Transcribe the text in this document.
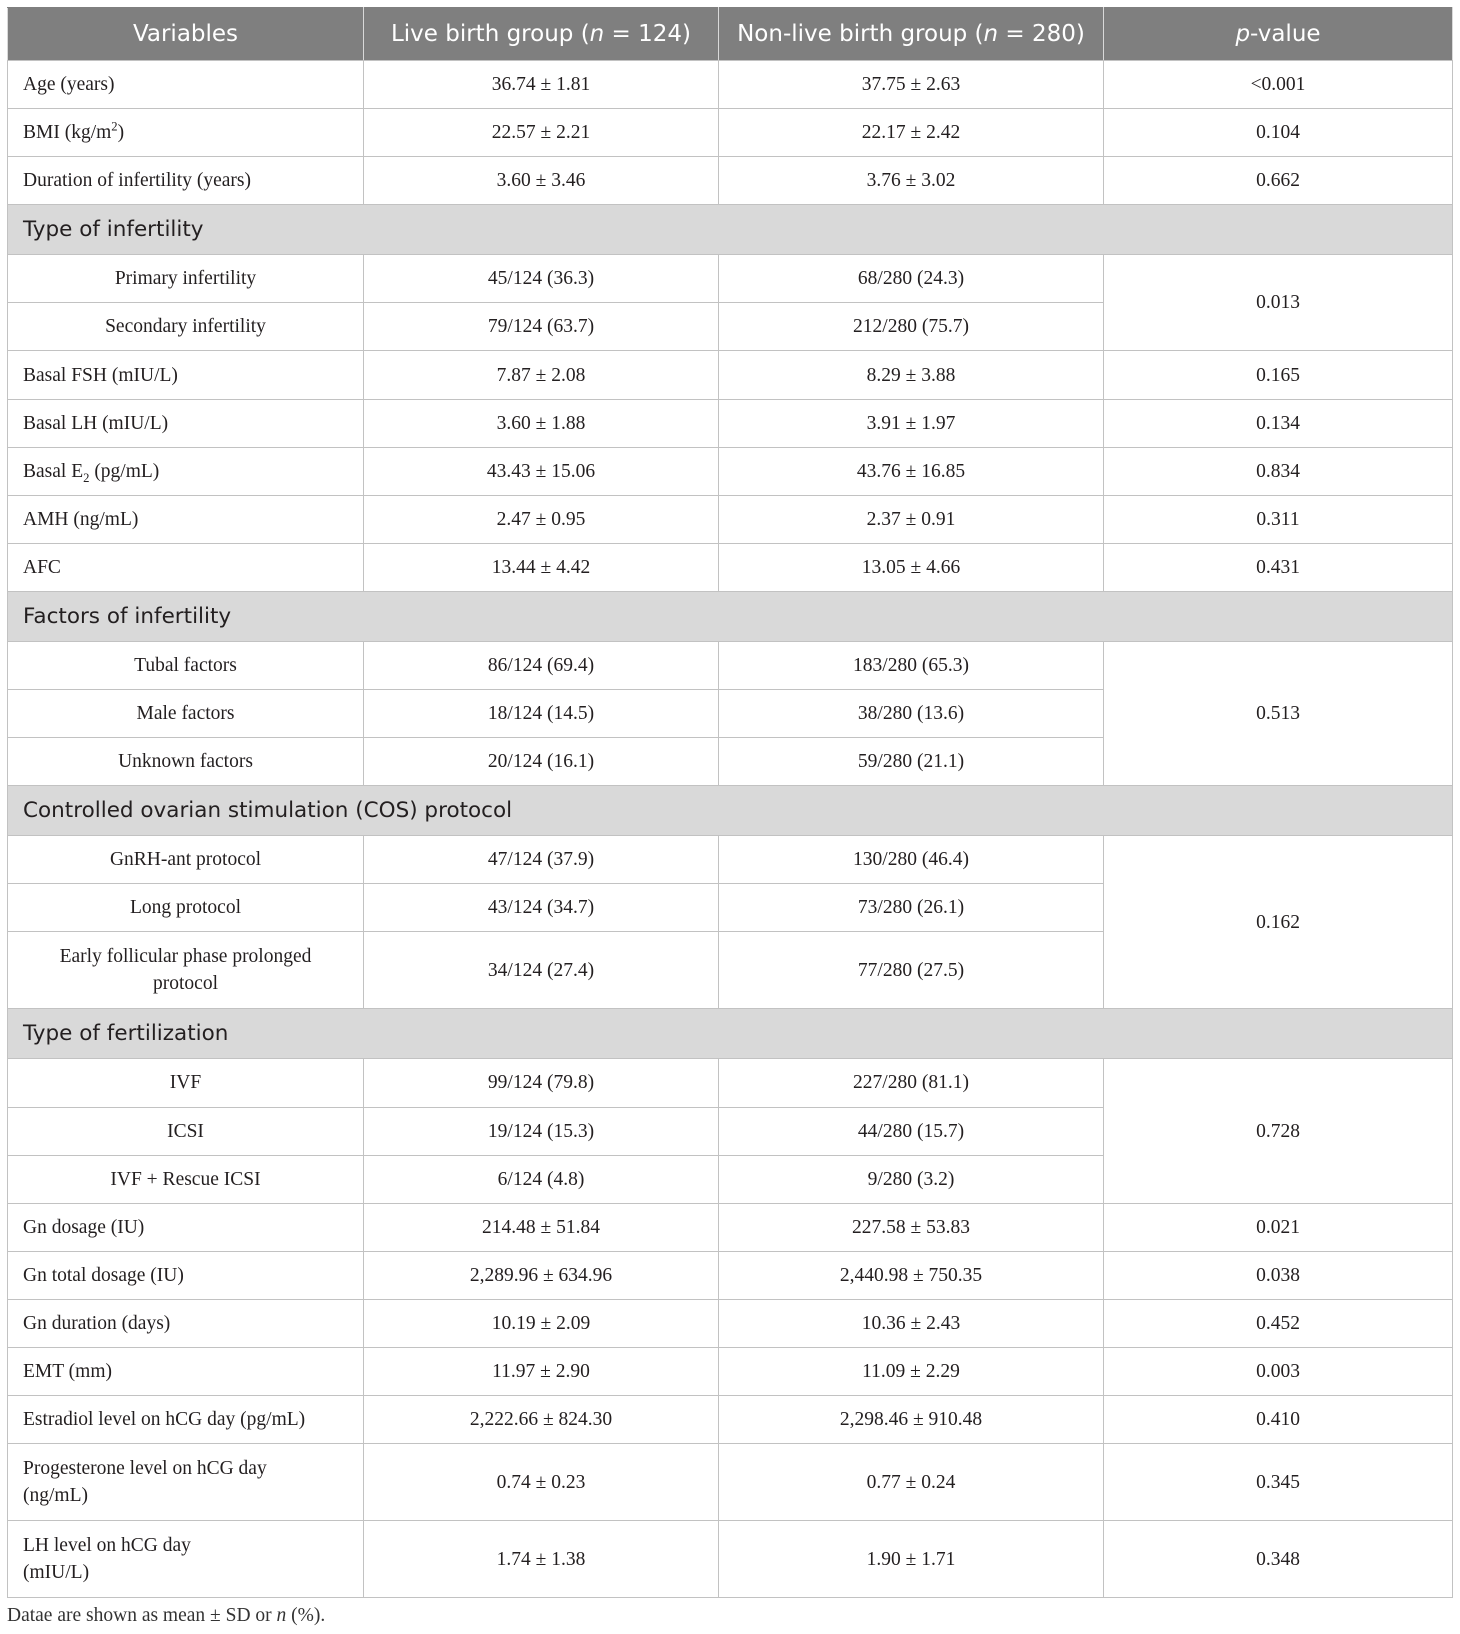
Variables	Live birth group (n = 124)	Non-live birth group (n = 280)	p-value
Age (years)	36.74 ± 1.81	37.75 ± 2.63	<0.001
BMI $(kg/m^2)$	22.57 ± 2.21	22.17 ± 2.42	0.104
Duration of infertility (years)	3.60 ± 3.46	3.76 ± 3.02	0.662
Type of infertility			
Primary infertility	45/124 (36.3)	68/280 (24.3)	0.013
Secondary infertility	79/124 (63.7)	212/280 (75.7)	
Basal FSH (mIU/L)	7.87 ± 2.08	8.29 ± 3.88	0.165
Basal LH (mIU/L)	3.60 ± 1.88	3.91 ± 1.97	0.134
Basal $E_2$ (pg/mL)	43.43 ± 15.06	43.76 ± 16.85	0.834
AMH (ng/mL)	2.47 ± 0.95	2.37 ± 0.91	0.311
AFC	13.44 ± 4.42	13.05 ± 4.66	0.431
Factors of infertility			
Tubal factors	86/124 (69.4)	183/280 (65.3)	0.513
Male factors	18/124 (14.5)	38/280 (13.6)	
Unknown factors	20/124 (16.1)	59/280 (21.1)	
Controlled ovarian stimulation (COS) protocol			
GnRH-ant protocol	47/124 (37.9)	130/280 (46.4)	0.162
Long protocol	43/124 (34.7)	73/280 (26.1)	
Early follicular phase prolonged protocol	34/124 (27.4)	77/280 (27.5)	
Type of fertilization			
IVF	99/124 (79.8)	227/280 (81.1)	0.728
ICSI	19/124 (15.3)	44/280 (15.7)	
IVF + Rescue ICSI	6/124 (4.8)	9/280 (3.2)	
Gn dosage (IU)	214.48 ± 51.84	227.58 ± 53.83	0.021
Gn total dosage (IU)	2,289.96 ± 634.96	2,440.98 ± 750.35	0.038
Gn duration (days)	10.19 ± 2.09	10.36 ± 2.43	0.452
EMT (mm)	11.97 ± 2.90	11.09 ± 2.29	0.003
Estradiol level on hCG day (pg/mL)	2,222.66 ± 824.30	2,298.46 ± 910.48	0.410
Progesterone level on hCG day (ng/mL)	0.74 ± 0.23	0.77 ± 0.24	0.345
LH level on hCG day (mIU/L)	1.74 ± 1.38	1.90 ± 1.71	0.348
Datae are shown as mean ± SD or n (%).
